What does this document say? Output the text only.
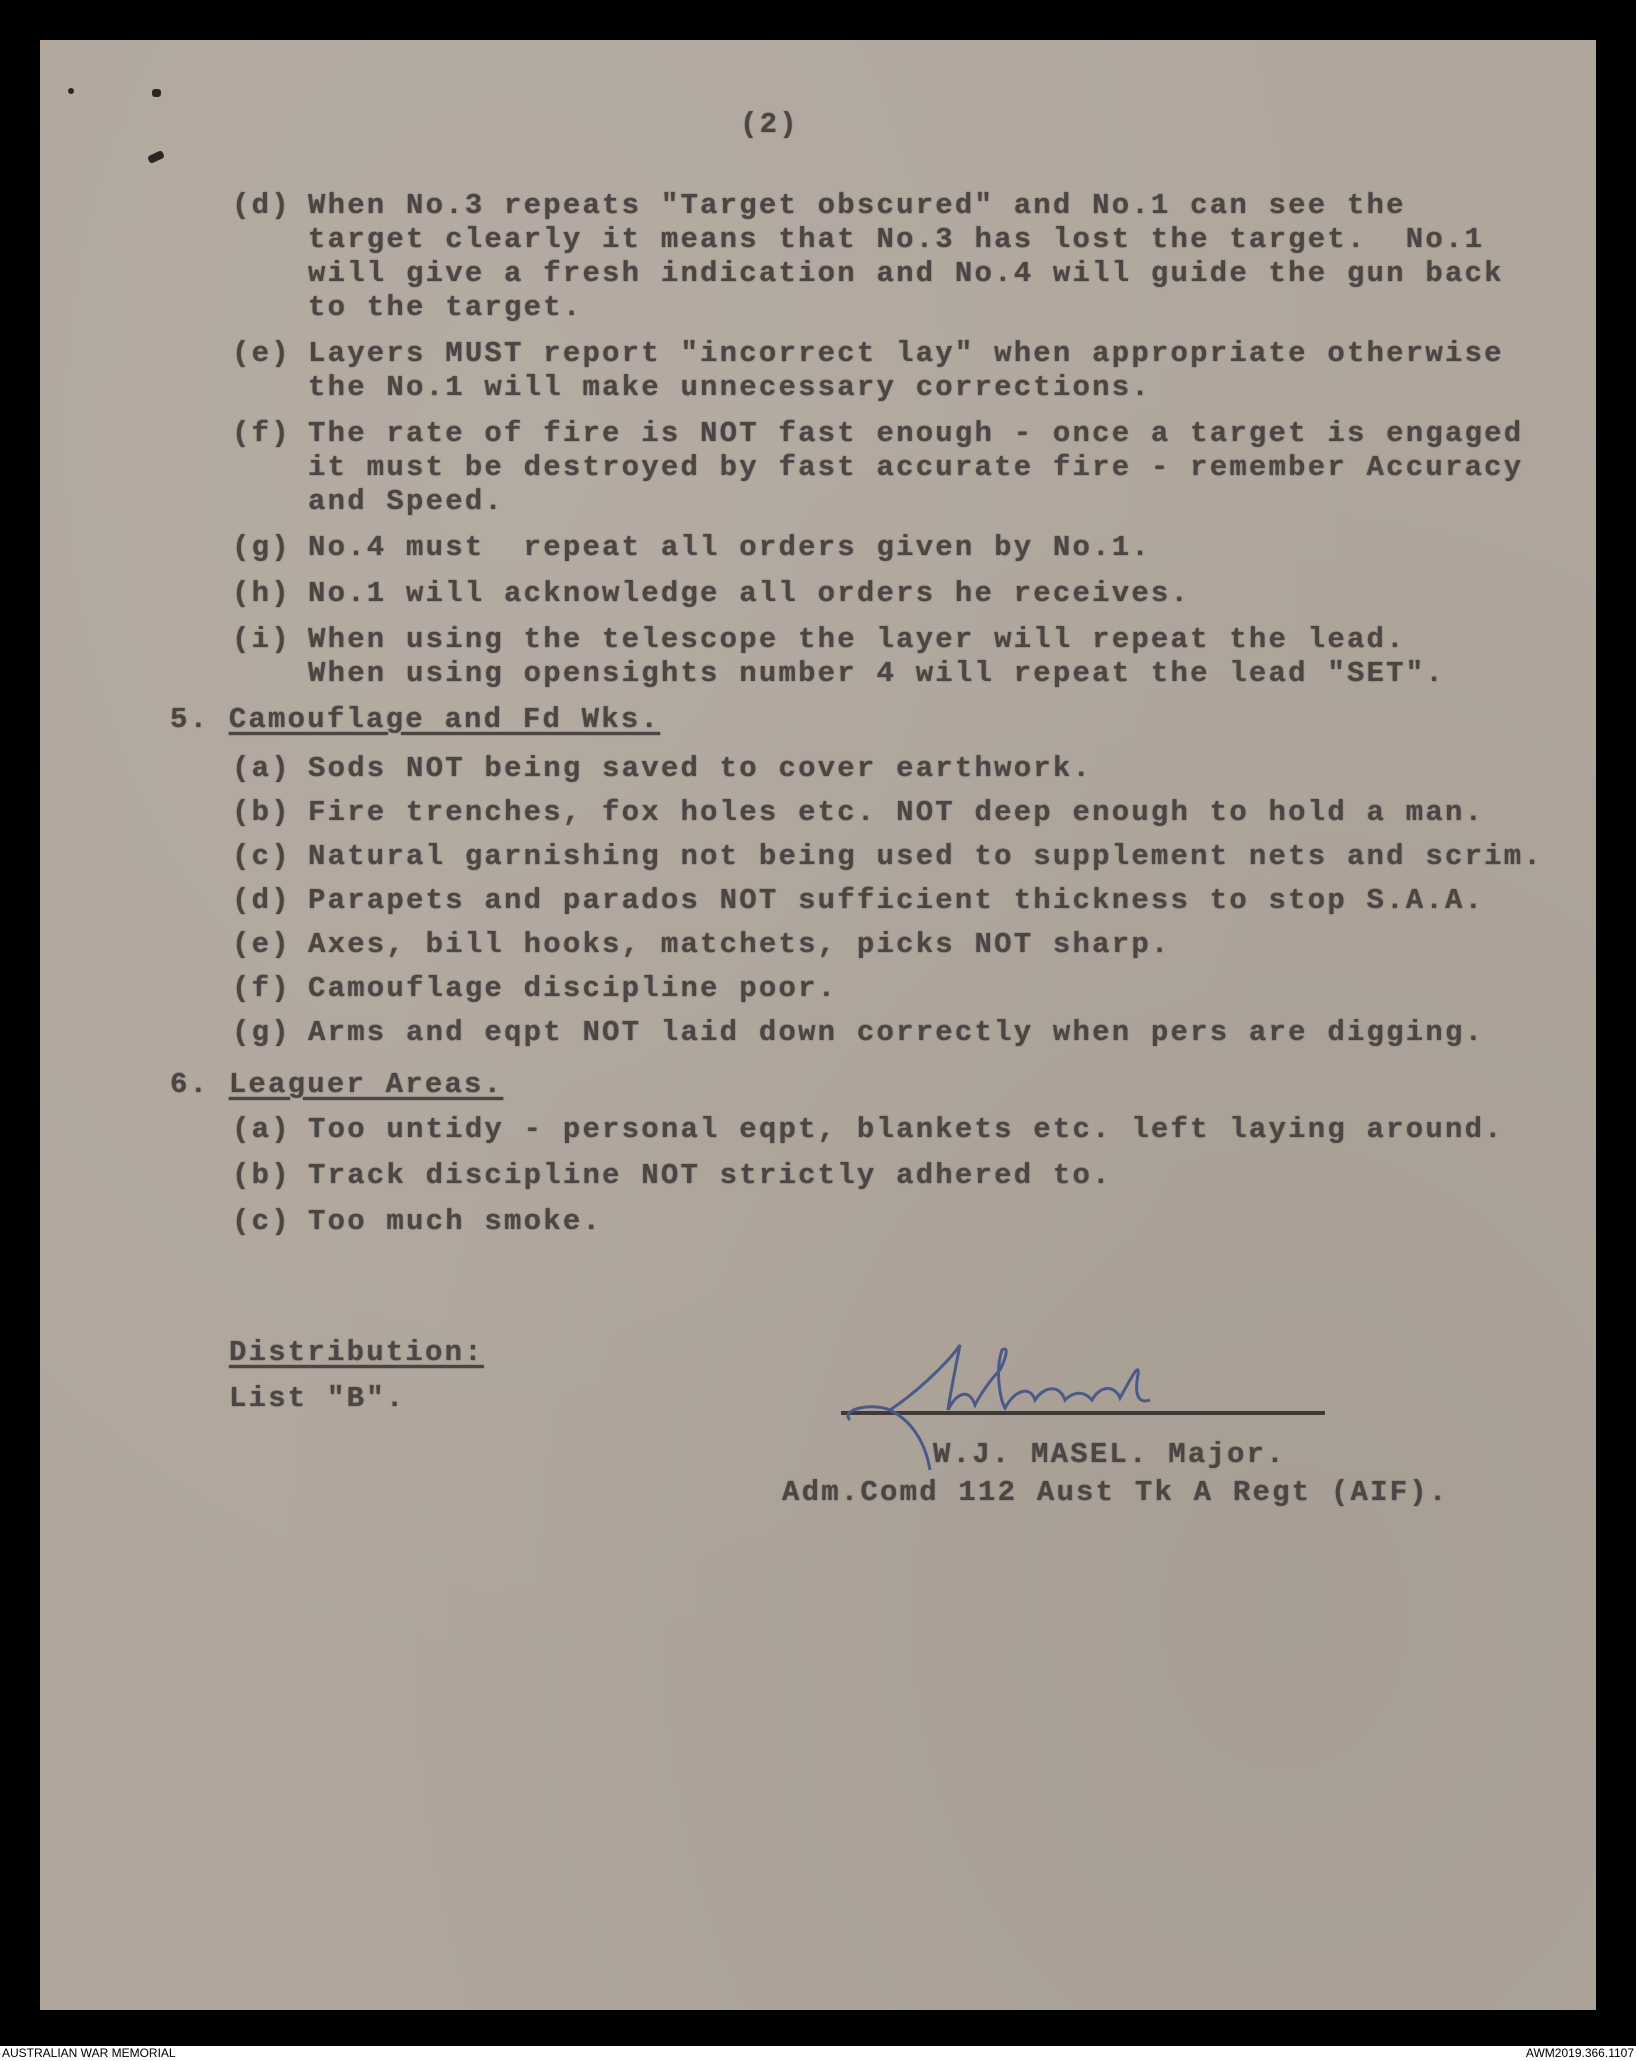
(2)
(d) When No.3 repeats "Target obscured" and No.1 can see the
target clearly it means that No.3 has lost the target.  No.1
will give a fresh indication and No.4 will guide the gun back
to the target.
(e) Layers MUST report "incorrect lay" when appropriate otherwise
the No.1 will make unnecessary corrections.
(f) The rate of fire is NOT fast enough - once a target is engaged
it must be destroyed by fast accurate fire - remember Accuracy
and Speed.
(g) No.4 must  repeat all orders given by No.1.
(h) No.1 will acknowledge all orders he receives.
(i) When using the telescope the layer will repeat the lead.
When using opensights number 4 will repeat the lead "SET".
5. Camouflage and Fd Wks.
(a) Sods NOT being saved to cover earthwork.
(b) Fire trenches, fox holes etc. NOT deep enough to hold a man.
(c) Natural garnishing not being used to supplement nets and scrim.
(d) Parapets and parados NOT sufficient thickness to stop S.A.A.
(e) Axes, bill hooks, matchets, picks NOT sharp.
(f) Camouflage discipline poor.
(g) Arms and eqpt NOT laid down correctly when pers are digging.
6. Leaguer Areas.
(a) Too untidy - personal eqpt, blankets etc. left laying around.
(b) Track discipline NOT strictly adhered to.
(c) Too much smoke.
Distribution:
List "B".
W.J. MASEL. Major.
Adm.Comd 112 Aust Tk A Regt (AIF).
AUSTRALIAN WAR MEMORIAL	AWM2019.366.1107
